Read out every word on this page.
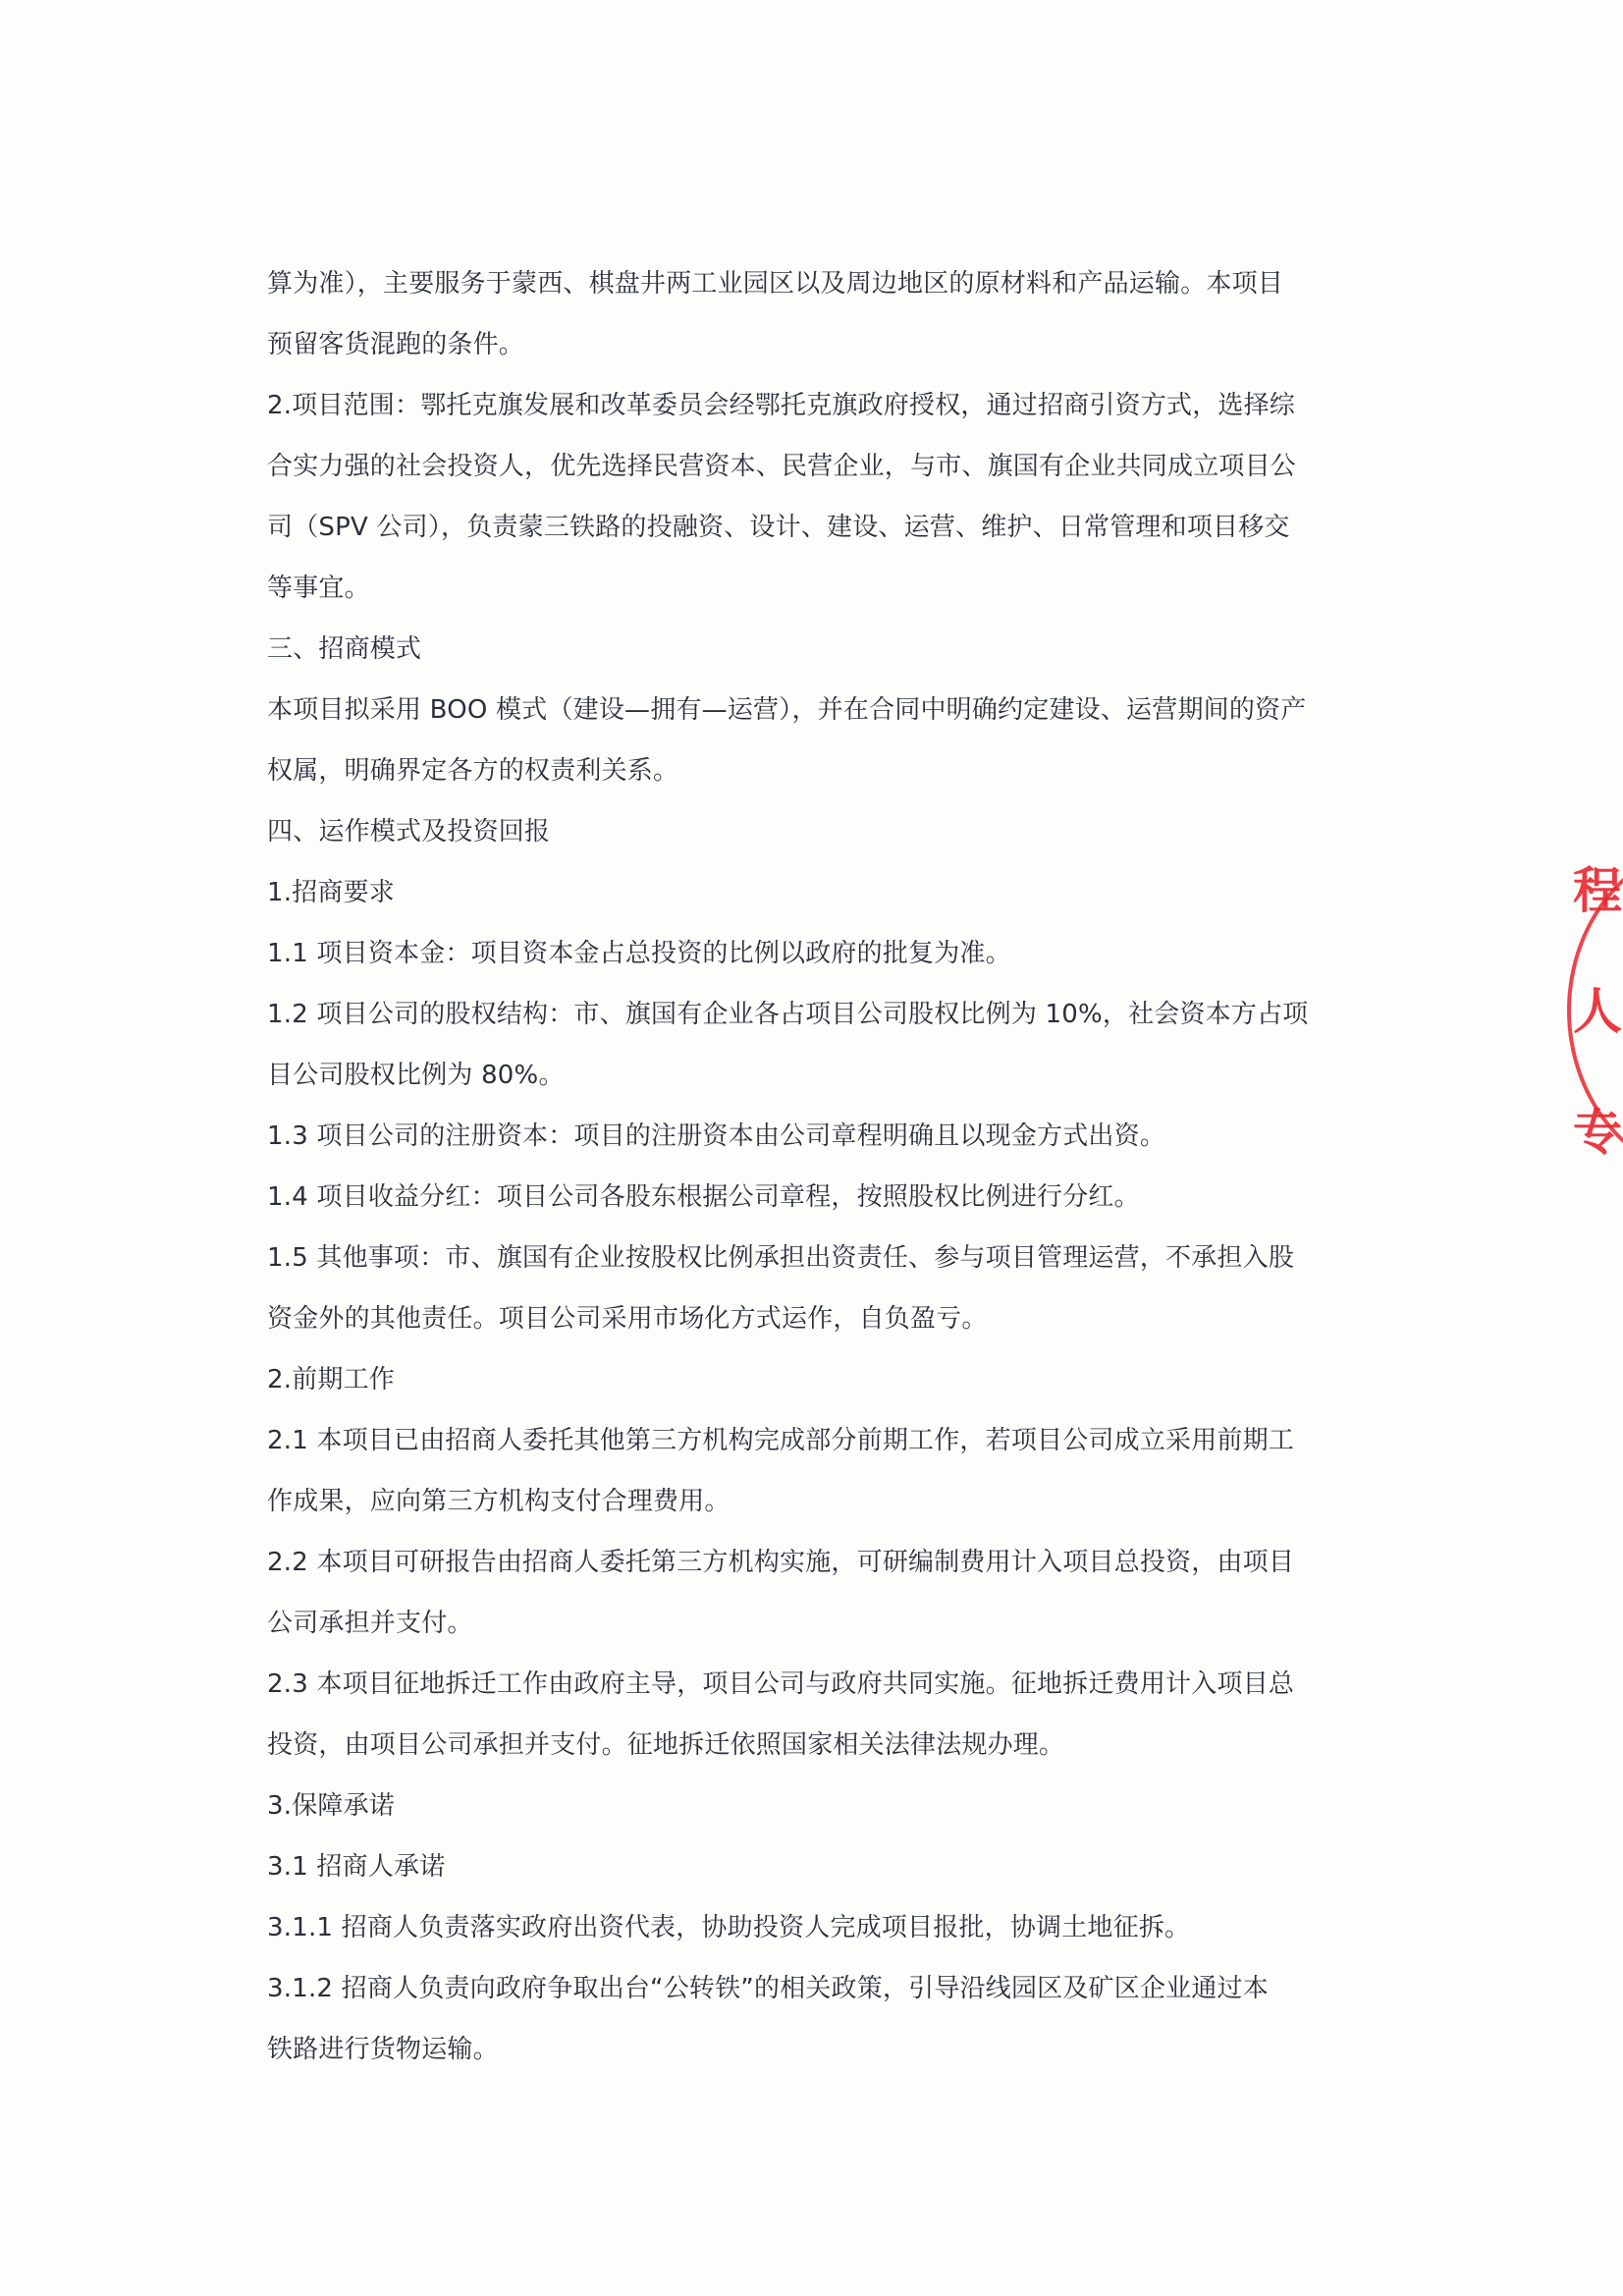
算为准），主要服务于蒙西、棋盘井两工业园区以及周边地区的原材料和产品运输。本项目
预留客货混跑的条件。
2.项目范围：鄂托克旗发展和改革委员会经鄂托克旗政府授权，通过招商引资方式，选择综
合实力强的社会投资人，优先选择民营资本、民营企业，与市、旗国有企业共同成立项目公
司（SPV 公司），负责蒙三铁路的投融资、设计、建设、运营、维护、日常管理和项目移交
等事宜。
三、招商模式
本项目拟采用 BOO 模式（建设—拥有—运营），并在合同中明确约定建设、运营期间的资产
权属，明确界定各方的权责利关系。
四、运作模式及投资回报
1.招商要求
1.1 项目资本金：项目资本金占总投资的比例以政府的批复为准。
1.2 项目公司的股权结构：市、旗国有企业各占项目公司股权比例为 10%，社会资本方占项
目公司股权比例为 80%。
1.3 项目公司的注册资本：项目的注册资本由公司章程明确且以现金方式出资。
1.4 项目收益分红：项目公司各股东根据公司章程，按照股权比例进行分红。
1.5 其他事项：市、旗国有企业按股权比例承担出资责任、参与项目管理运营，不承担入股
资金外的其他责任。项目公司采用市场化方式运作，自负盈亏。
2.前期工作
2.1 本项目已由招商人委托其他第三方机构完成部分前期工作，若项目公司成立采用前期工
作成果，应向第三方机构支付合理费用。
2.2 本项目可研报告由招商人委托第三方机构实施，可研编制费用计入项目总投资，由项目
公司承担并支付。
2.3 本项目征地拆迁工作由政府主导，项目公司与政府共同实施。征地拆迁费用计入项目总
投资，由项目公司承担并支付。征地拆迁依照国家相关法律法规办理。
3.保障承诺
3.1 招商人承诺
3.1.1 招商人负责落实政府出资代表，协助投资人完成项目报批，协调土地征拆。
3.1.2 招商人负责向政府争取出台“公转铁”的相关政策，引导沿线园区及矿区企业通过本
铁路进行货物运输。
程
人
专
